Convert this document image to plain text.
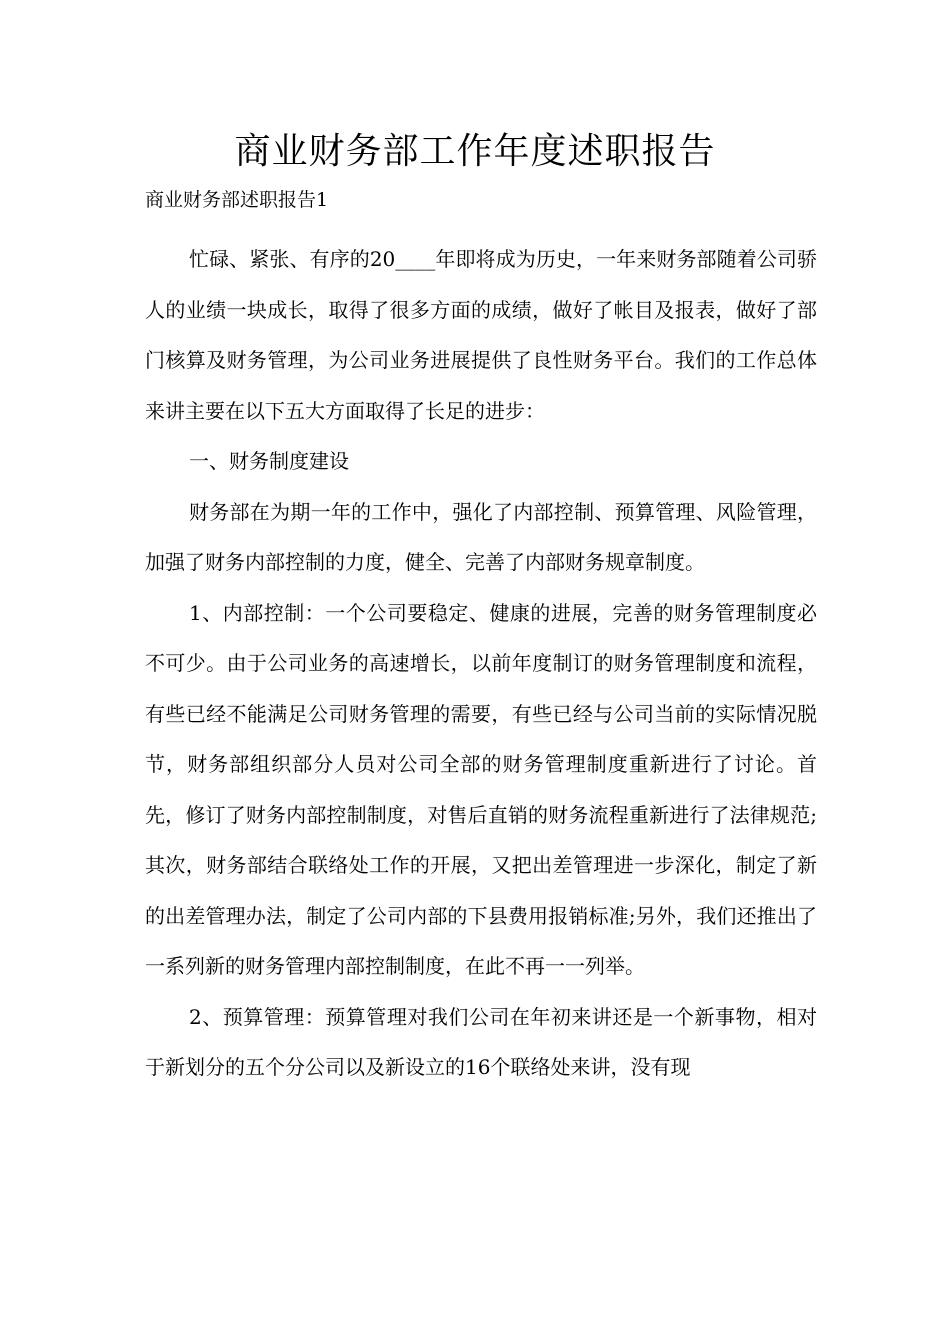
商业财务部工作年度述职报告

商业财务部述职报告1

忙碌、紧张、有序的20____年即将成为历史，一年来财务部随着公司骄人的业绩一块成长，取得了很多方面的成绩，做好了帐目及报表，做好了部门核算及财务管理，为公司业务进展提供了良性财务平台。我们的工作总体来讲主要在以下五大方面取得了长足的进步：

一、财务制度建设

财务部在为期一年的工作中，强化了内部控制、预算管理、风险管理，加强了财务内部控制的力度，健全、完善了内部财务规章制度。

1、内部控制：一个公司要稳定、健康的进展，完善的财务管理制度必不可少。由于公司业务的高速增长，以前年度制订的财务管理制度和流程，有些已经不能满足公司财务管理的需要，有些已经与公司当前的实际情况脱节，财务部组织部分人员对公司全部的财务管理制度重新进行了讨论。首先，修订了财务内部控制制度，对售后直销的财务流程重新进行了法律规范;其次，财务部结合联络处工作的开展，又把出差管理进一步深化，制定了新的出差管理办法，制定了公司内部的下县费用报销标准;另外，我们还推出了一系列新的财务管理内部控制制度，在此不再一一列举。

2、预算管理：预算管理对我们公司在年初来讲还是一个新事物，相对于新划分的五个分公司以及新设立的16个联络处来讲，没有现
